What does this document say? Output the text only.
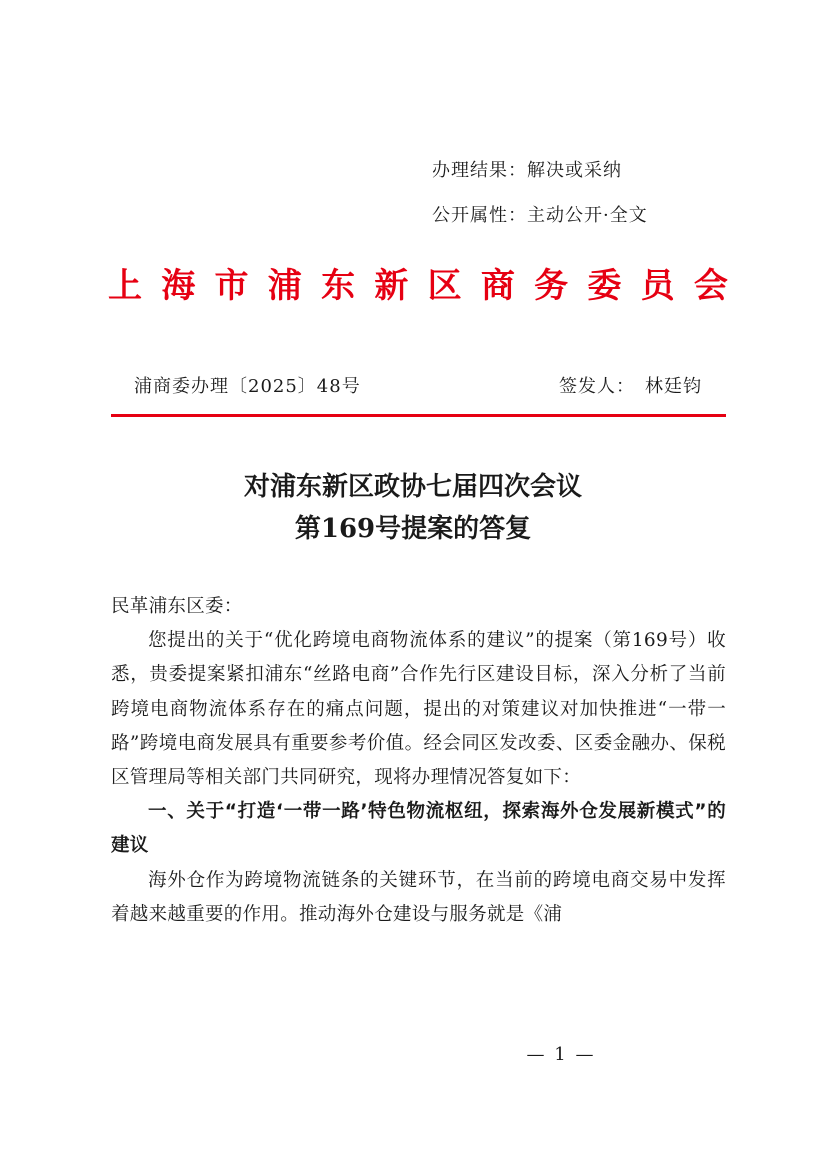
办理结果：解决或采纳
公开属性：主动公开·全文
上 海 市 浦 东 新 区 商 务 委 员 会
浦商委办理〔2025〕48号	签发人： 林廷钧
对浦东新区政协七届四次会议
第169号提案的答复

民革浦东区委：

您提出的关于“优化跨境电商物流体系的建议”的提案（第169号）收悉，贵委提案紧扣浦东“丝路电商”合作先行区建设目标，深入分析了当前跨境电商物流体系存在的痛点问题，提出的对策建议对加快推进“一带一路”跨境电商发展具有重要参考价值。经会同区发改委、区委金融办、保税区管理局等相关部门共同研究，现将办理情况答复如下：

一、关于“打造‘一带一路’特色物流枢纽，探索海外仓发展新模式”的建议

海外仓作为跨境物流链条的关键环节，在当前的跨境电商交易中发挥着越来越重要的作用。推动海外仓建设与服务就是《浦

— 1 —
